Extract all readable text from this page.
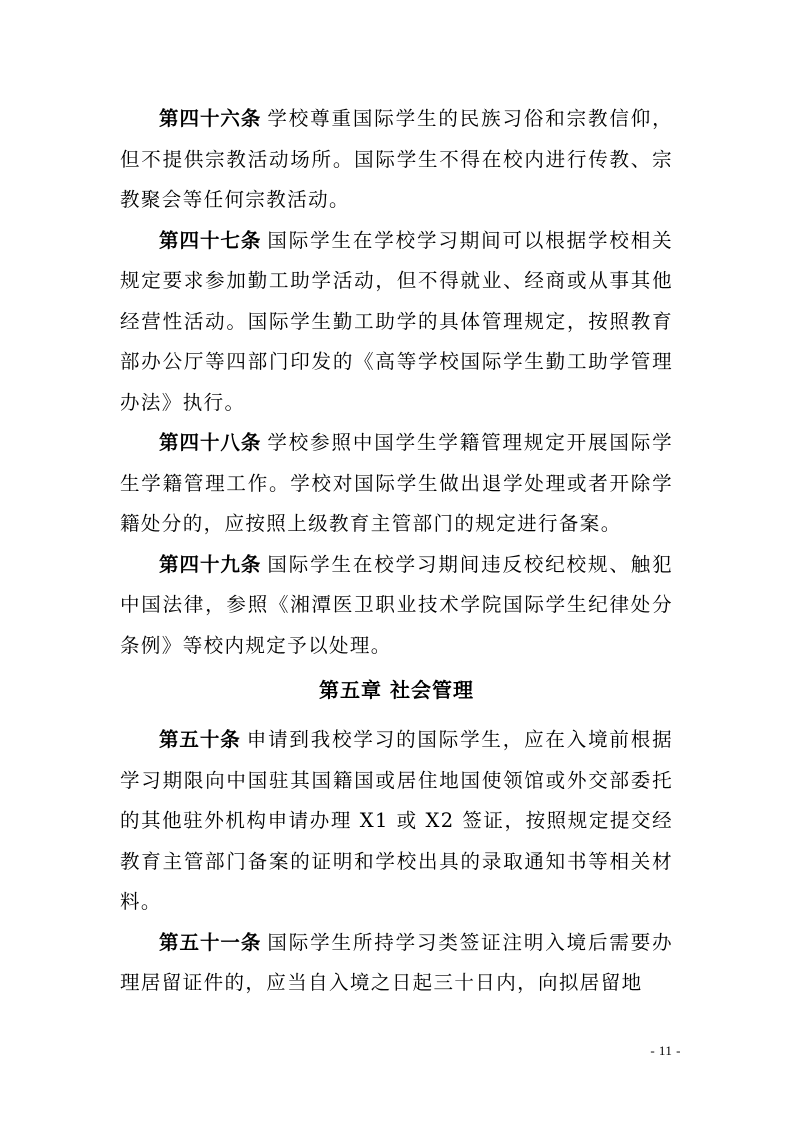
第四十六条 学校尊重国际学生的民族习俗和宗教信仰，但不提供宗教活动场所。国际学生不得在校内进行传教、宗教聚会等任何宗教活动。

第四十七条 国际学生在学校学习期间可以根据学校相关规定要求参加勤工助学活动，但不得就业、经商或从事其他经营性活动。国际学生勤工助学的具体管理规定，按照教育部办公厅等四部门印发的《高等学校国际学生勤工助学管理办法》执行。

第四十八条 学校参照中国学生学籍管理规定开展国际学生学籍管理工作。学校对国际学生做出退学处理或者开除学籍处分的，应按照上级教育主管部门的规定进行备案。

第四十九条 国际学生在校学习期间违反校纪校规、触犯中国法律，参照《湘潭医卫职业技术学院国际学生纪律处分条例》等校内规定予以处理。

第五章 社会管理

第五十条 申请到我校学习的国际学生，应在入境前根据学习期限向中国驻其国籍国或居住地国使领馆或外交部委托的其他驻外机构申请办理 X1 或 X2 签证，按照规定提交经教育主管部门备案的证明和学校出具的录取通知书等相关材料。

第五十一条 国际学生所持学习类签证注明入境后需要办理居留证件的，应当自入境之日起三十日内，向拟居留地

- 11 -
